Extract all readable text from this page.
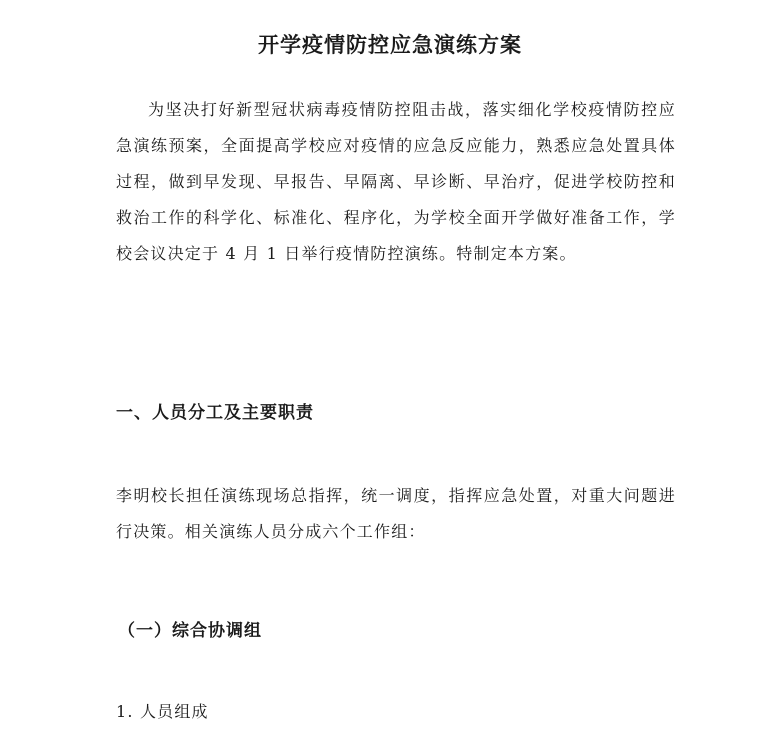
开学疫情防控应急演练方案
为坚决打好新型冠状病毒疫情防控阻击战，落实细化学校疫情防控应急演练预案，全面提高学校应对疫情的应急反应能力，熟悉应急处置具体过程，做到早发现、早报告、早隔离、早诊断、早治疗，促进学校防控和救治工作的科学化、标准化、程序化，为学校全面开学做好准备工作，学校会议决定于 4 月 1 日举行疫情防控演练。特制定本方案。
一、人员分工及主要职责
李明校长担任演练现场总指挥，统一调度，指挥应急处置，对重大问题进行决策。相关演练人员分成六个工作组：
（一）综合协调组
1. 人员组成
